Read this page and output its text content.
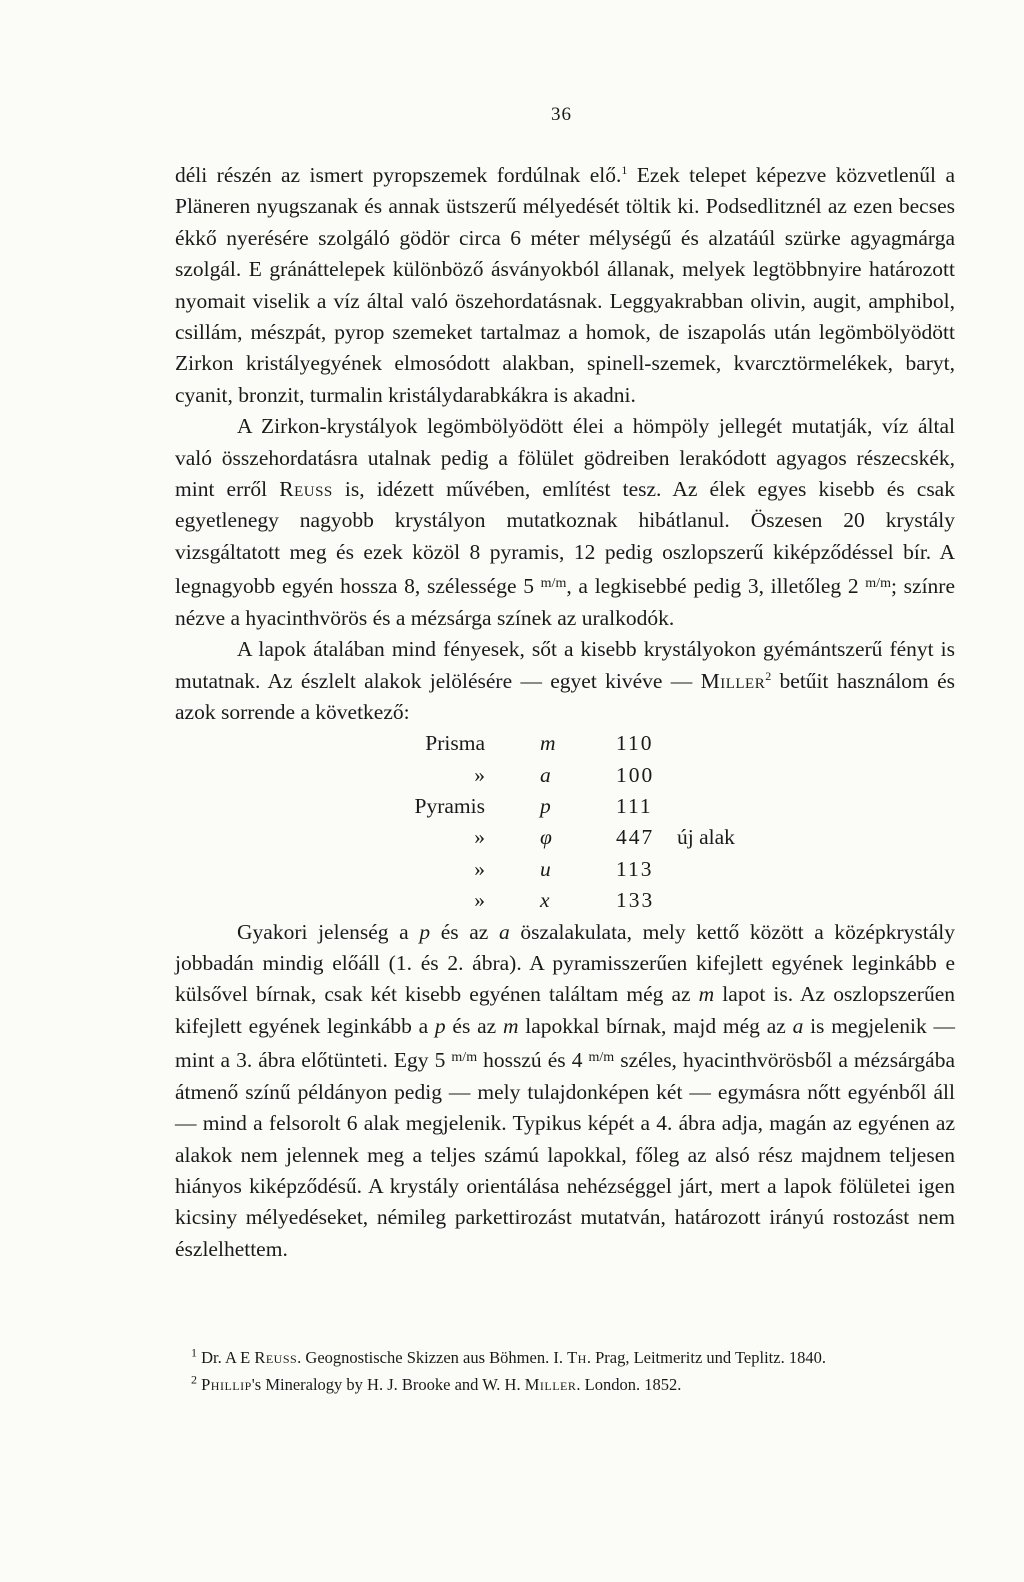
36

déli részén az ismert pyropszemek fordúlnak elő.$^1$ Ezek telepet képezve közvetlenűl a Pläneren nyugszanak és annak üstszerű mélyedését töltik ki. Podsedlitznél az ezen becses ékkő nyerésére szolgáló gödör circa 6 méter mélységű és alzatáúl szürke agyagmárga szolgál. E gránáttelepek különböző ásványokból állanak, melyek legtöbbnyire határozott nyomait viselik a víz által való öszehordatásnak. Leggyakrabban olivin, augit, amphibol, csillám, mészpát, pyrop szemeket tartalmaz a homok, de iszapolás után legömbölyödött Zirkon kristályegyének elmosódott alakban, spinell-szemek, kvarcztörmelékek, baryt, cyanit, bronzit, turmalin kristálydarabkákra is akadni.

A Zirkon-krystályok legömbölyödött élei a hömpöly jellegét mutatják, víz által való összehordatásra utalnak pedig a fölület gödreiben lerakódott agyagos részecskék, mint erről Reuss is, idézett művében, említést tesz. Az élek egyes kisebb és csak egyetlenegy nagyobb krystályon mutatkoznak hibátlanul. Öszesen 20 krystály vizsgáltatott meg és ezek közöl 8 pyramis, 12 pedig oszlopszerű kiképződéssel bír. A legnagyobb egyén hossza 8, szélessége 5 $^{m/m}$, a legkisebbé pedig 3, illetőleg 2 $^{m/m}$; színre nézve a hyacinthvörös és a mézsárga színek az uralkodók.

A lapok átalában mind fényesek, sőt a kisebb krystályokon gyémántszerű fényt is mutatnak. Az észlelt alakok jelölésére — egyet kivéve — Miller$^2$ betűit használom és azok sorrende a következő:

Prisma	m	110
»	a	100
Pyramis	p	111
»	φ	447 új alak
»	u	113
»	x	133

Gyakori jelenség a p és az a öszalakulata, mely kettő között a középkrystály jobbadán mindig előáll (1. és 2. ábra). A pyramisszerűen kifejlett egyének leginkább e külsővel bírnak, csak két kisebb egyénen találtam még az m lapot is. Az oszlopszerűen kifejlett egyének leginkább a p és az m lapokkal bírnak, majd még az a is megjelenik — mint a 3. ábra előtünteti. Egy 5 $^{m/m}$ hosszú és 4 $^{m/m}$ széles, hyacinthvörösből a mézsárgába átmenő színű példányon pedig — mely tulajdonképen két — egymásra nőtt egyénből áll — mind a felsorolt 6 alak megjelenik. Typikus képét a 4. ábra adja, magán az egyénen az alakok nem jelennek meg a teljes számú lapokkal, főleg az alsó rész majdnem teljesen hiányos kiképződésű. A krystály orientálása nehézséggel járt, mert a lapok fölületei igen kicsiny mélyedéseket, némileg parkettirozást mutatván, határozott irányú rostozást nem észlelhettem.

$^1$ Dr. A E Reuss. Geognostische Skizzen aus Böhmen. I. Th. Prag, Leitmeritz und Teplitz. 1840.

$^2$ Phillip's Mineralogy by H. J. Brooke and W. H. Miller. London. 1852.
